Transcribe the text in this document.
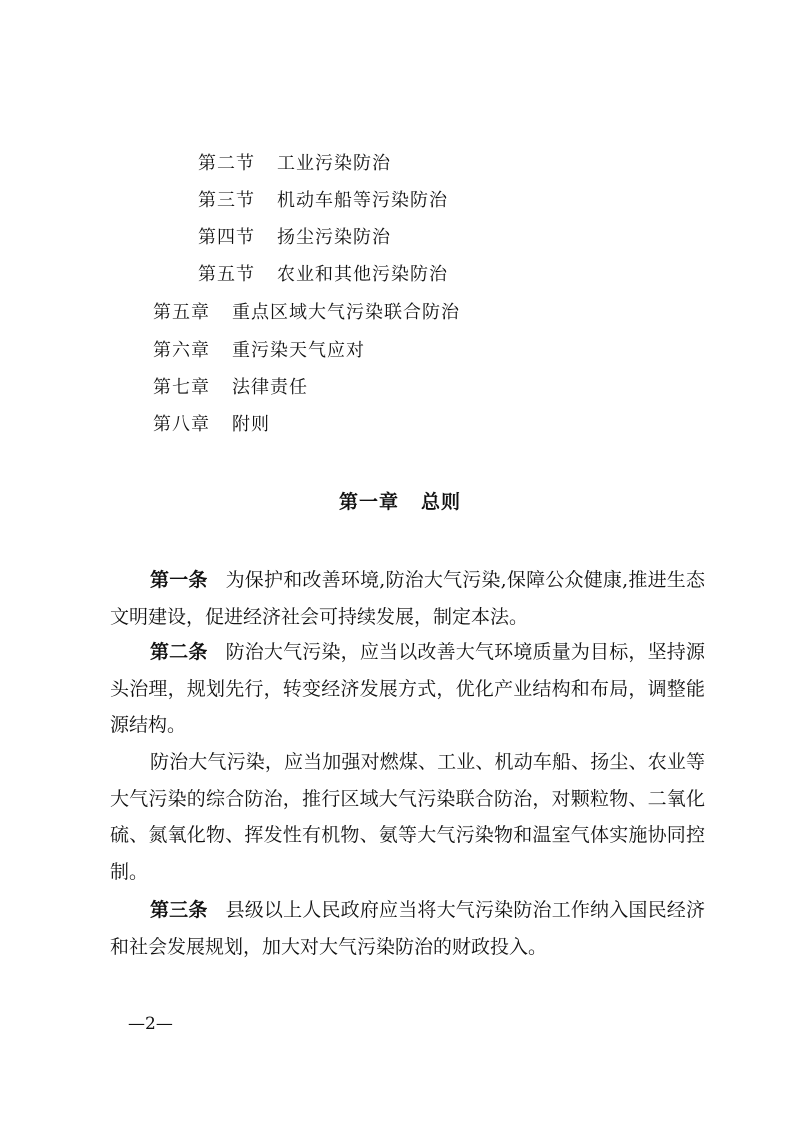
第二节 工业污染防治
第三节 机动车船等污染防治
第四节 扬尘污染防治
第五节 农业和其他污染防治
第五章 重点区域大气污染联合防治
第六章 重污染天气应对
第七章 法律责任
第八章 附则
第一章 总则

第一条 为保护和改善环境,防治大气污染,保障公众健康,推进生态文明建设，促进经济社会可持续发展，制定本法。

第二条 防治大气污染，应当以改善大气环境质量为目标，坚持源头治理，规划先行，转变经济发展方式，优化产业结构和布局，调整能源结构。

防治大气污染，应当加强对燃煤、工业、机动车船、扬尘、农业等大气污染的综合防治，推行区域大气污染联合防治，对颗粒物、二氧化硫、氮氧化物、挥发性有机物、氨等大气污染物和温室气体实施协同控制。

第三条 县级以上人民政府应当将大气污染防治工作纳入国民经济和社会发展规划，加大对大气污染防治的财政投入。

—2—
